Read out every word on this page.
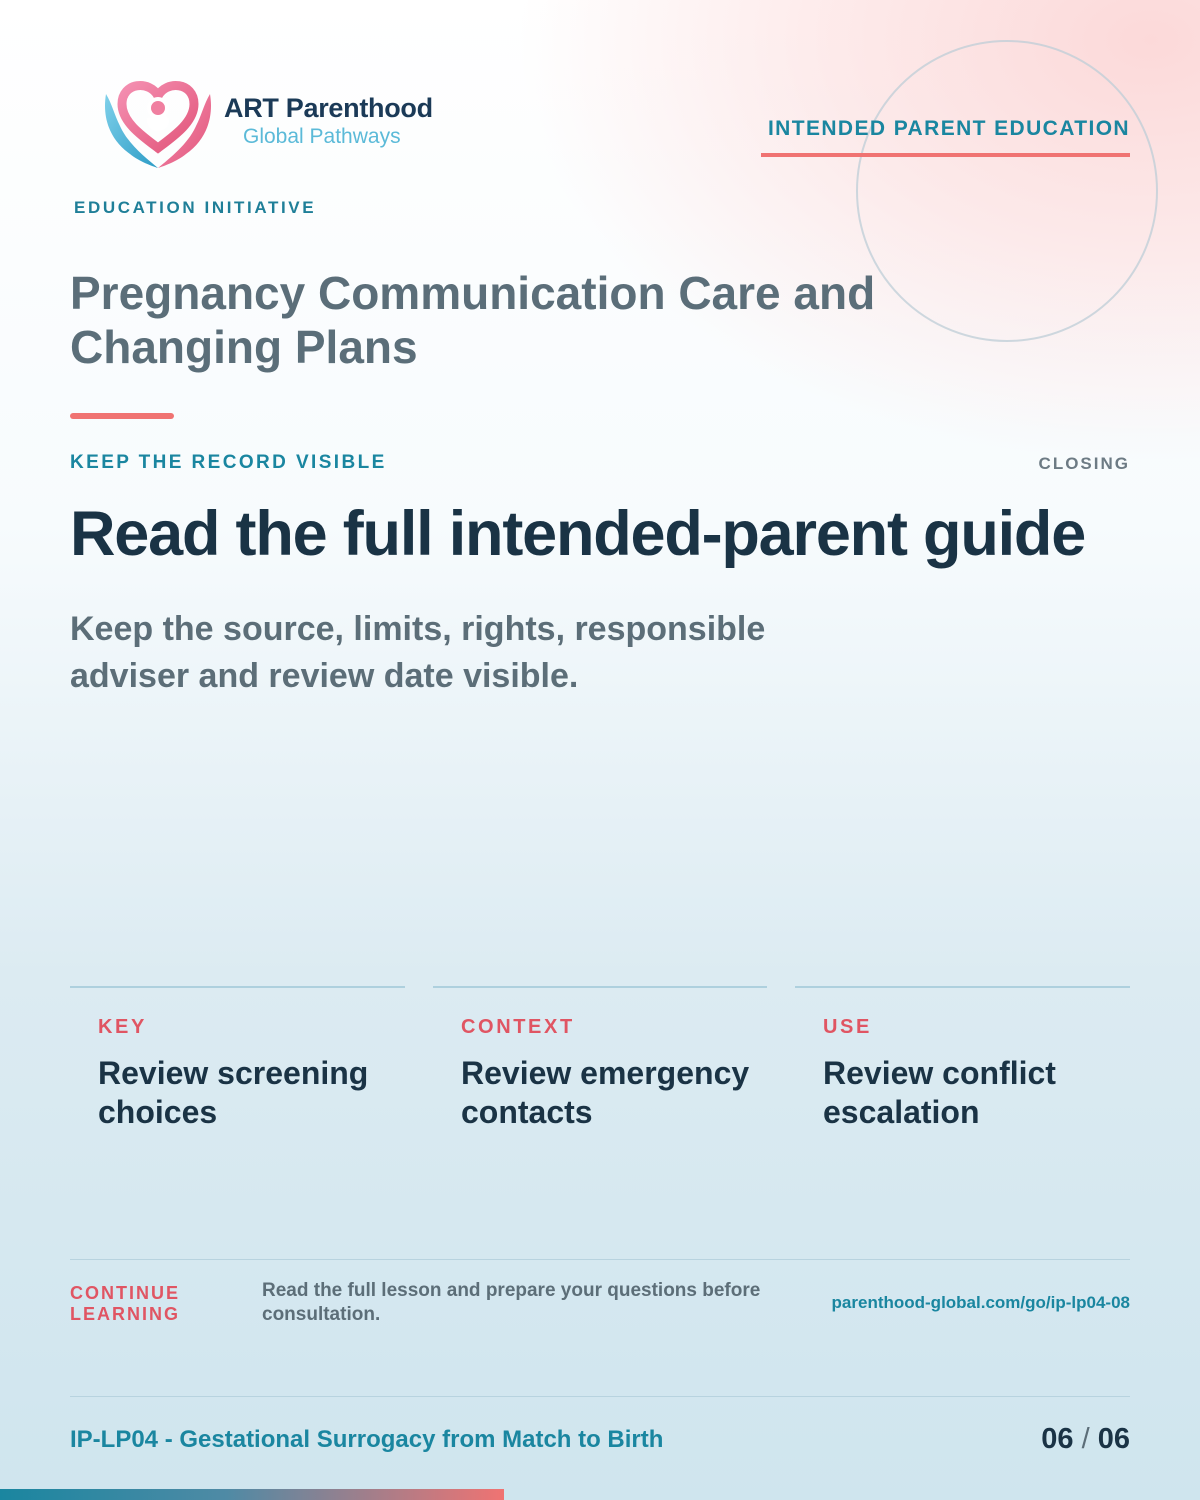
ART Parenthood
Global Pathways
EDUCATION INITIATIVE
INTENDED PARENT EDUCATION
Pregnancy Communication Care and Changing Plans
KEEP THE RECORD VISIBLE	CLOSING
Read the full intended-parent guide

Keep the source, limits, rights, responsible adviser and review date visible.

KEY

Review screening choices

CONTEXT

Review emergency contacts

USE

Review conflict escalation

CONTINUE LEARNING

Read the full lesson and prepare your questions before consultation.

parenthood-global.com/go/ip-lp04-08
IP-LP04 - Gestational Surrogacy from Match to Birth	06 / 06
